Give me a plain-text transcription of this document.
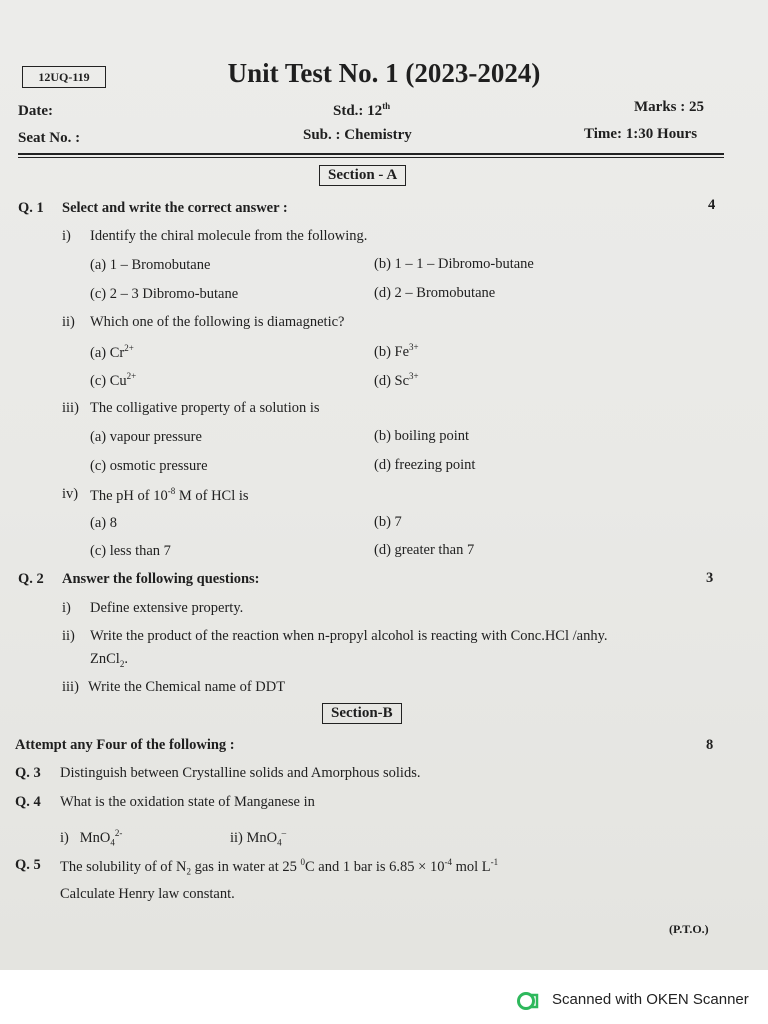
12UQ-119	Unit Test No. 1 (2023-2024)
Date:	Std.: 12th	Marks : 25
Seat No. :	Sub. : Chemistry	Time: 1:30 Hours
Section - A
Q. 1 Select and write the correct answer :	4
i) Identify the chiral molecule from the following.
(a) 1 – Bromobutane	(b) 1 – 1 – Dibromo-butane
(c) 2 – 3 Dibromo-butane	(d) 2 – Bromobutane
ii) Which one of the following is diamagnetic?
(a) $Cr^{2+}$	(b) $Fe^{3+}$
(c) $Cu^{2+}$	(d) $Sc^{3+}$
iii) The colligative property of a solution is
(a) vapour pressure	(b) boiling point
(c) osmotic pressure	(d) freezing point
iv) The pH of $10^{-8}$ M of HCl is
(a) 8	(b) 7
(c) less than 7	(d) greater than 7
Q. 2 Answer the following questions:	3
i) Define extensive property.
ii) Write the product of the reaction when n-propyl alcohol is reacting with Conc.HCl /anhy.
ZnCl$_2$.
iii) Write the Chemical name of DDT
Section-B
Attempt any Four of the following :	8
Q. 3 Distinguish between Crystalline solids and Amorphous solids.
Q. 4 What is the oxidation state of Manganese in
i) MnO$_4^{2-}$	ii) MnO$_4$–
Q. 5 The solubility of of $N_2$ gas in water at 25 $^0$C and 1 bar is $6.85 \times 10^{-4}$ mol $L^{-1}$
Calculate Henry law constant.
(P.T.O.)
Scanned with OKEN Scanner
